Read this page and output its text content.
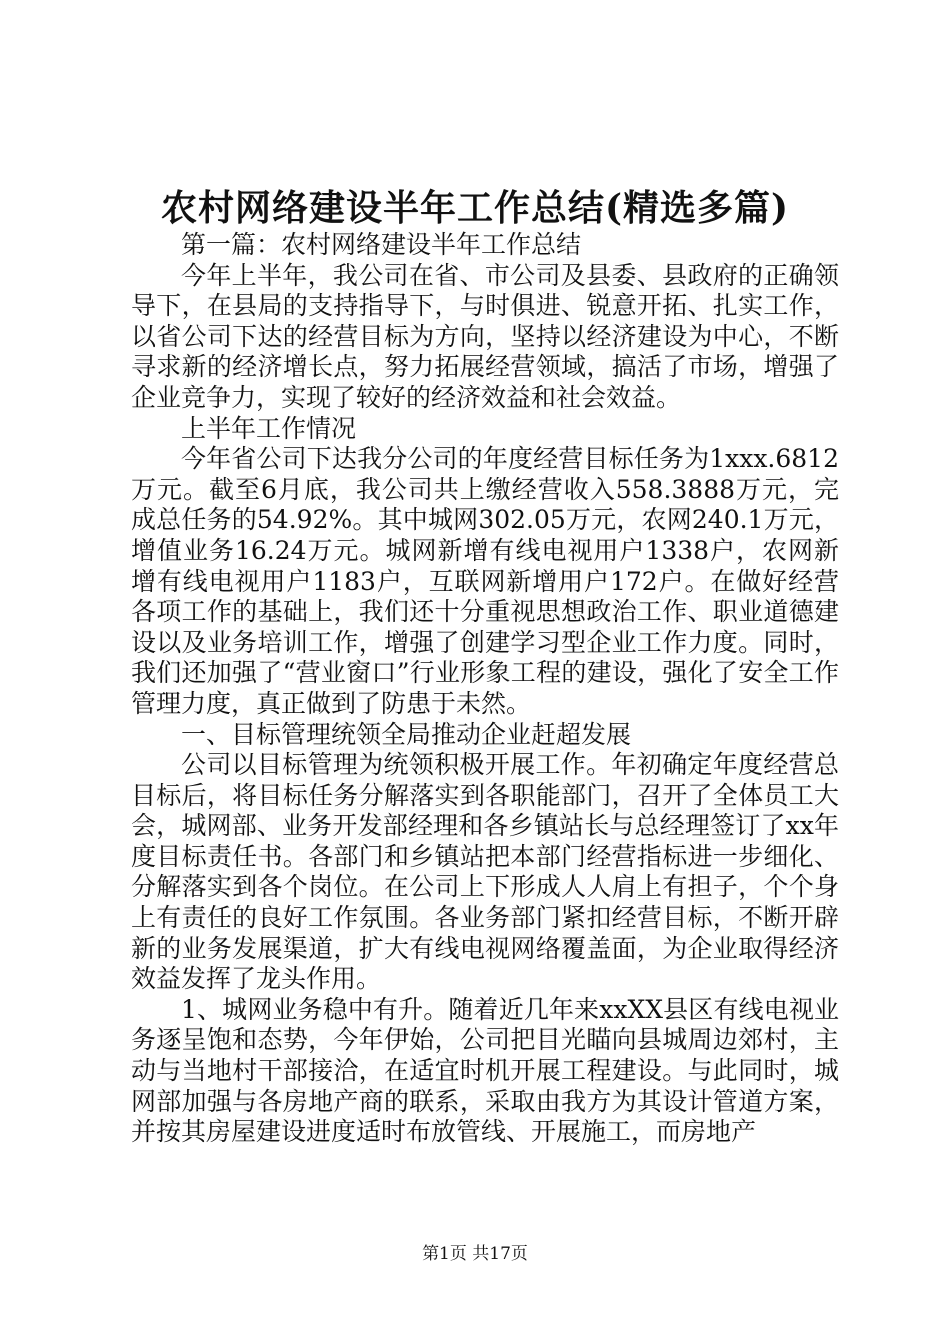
农村网络建设半年工作总结(精选多篇)

第一篇：农村网络建设半年工作总结

今年上半年，我公司在省、市公司及县委、县政府的正确领导下，在县局的支持指导下，与时俱进、锐意开拓、扎实工作，以省公司下达的经营目标为方向，坚持以经济建设为中心，不断寻求新的经济增长点，努力拓展经营领域，搞活了市场，增强了企业竞争力，实现了较好的经济效益和社会效益。

上半年工作情况

今年省公司下达我分公司的年度经营目标任务为1xxx.6812万元。截至6月底，我公司共上缴经营收入558.3888万元，完成总任务的54.92%。其中城网302.05万元，农网240.1万元，增值业务16.24万元。城网新增有线电视用户1338户，农网新增有线电视用户1183户，互联网新增用户172户。在做好经营各项工作的基础上，我们还十分重视思想政治工作、职业道德建设以及业务培训工作，增强了创建学习型企业工作力度。同时，我们还加强了“营业窗口”行业形象工程的建设，强化了安全工作管理力度，真正做到了防患于未然。

一、目标管理统领全局推动企业赶超发展

公司以目标管理为统领积极开展工作。年初确定年度经营总目标后，将目标任务分解落实到各职能部门，召开了全体员工大会，城网部、业务开发部经理和各乡镇站长与总经理签订了xx年度目标责任书。各部门和乡镇站把本部门经营指标进一步细化、分解落实到各个岗位。在公司上下形成人人肩上有担子，个个身上有责任的良好工作氛围。各业务部门紧扣经营目标，不断开辟新的业务发展渠道，扩大有线电视网络覆盖面，为企业取得经济效益发挥了龙头作用。

1、城网业务稳中有升。随着近几年来xxXX县区有线电视业务逐呈饱和态势，今年伊始，公司把目光瞄向县城周边郊村，主动与当地村干部接洽，在适宜时机开展工程建设。与此同时，城网部加强与各房地产商的联系，采取由我方为其设计管道方案，并按其房屋建设进度适时布放管线、开展施工，而房地产

第1页 共17页
